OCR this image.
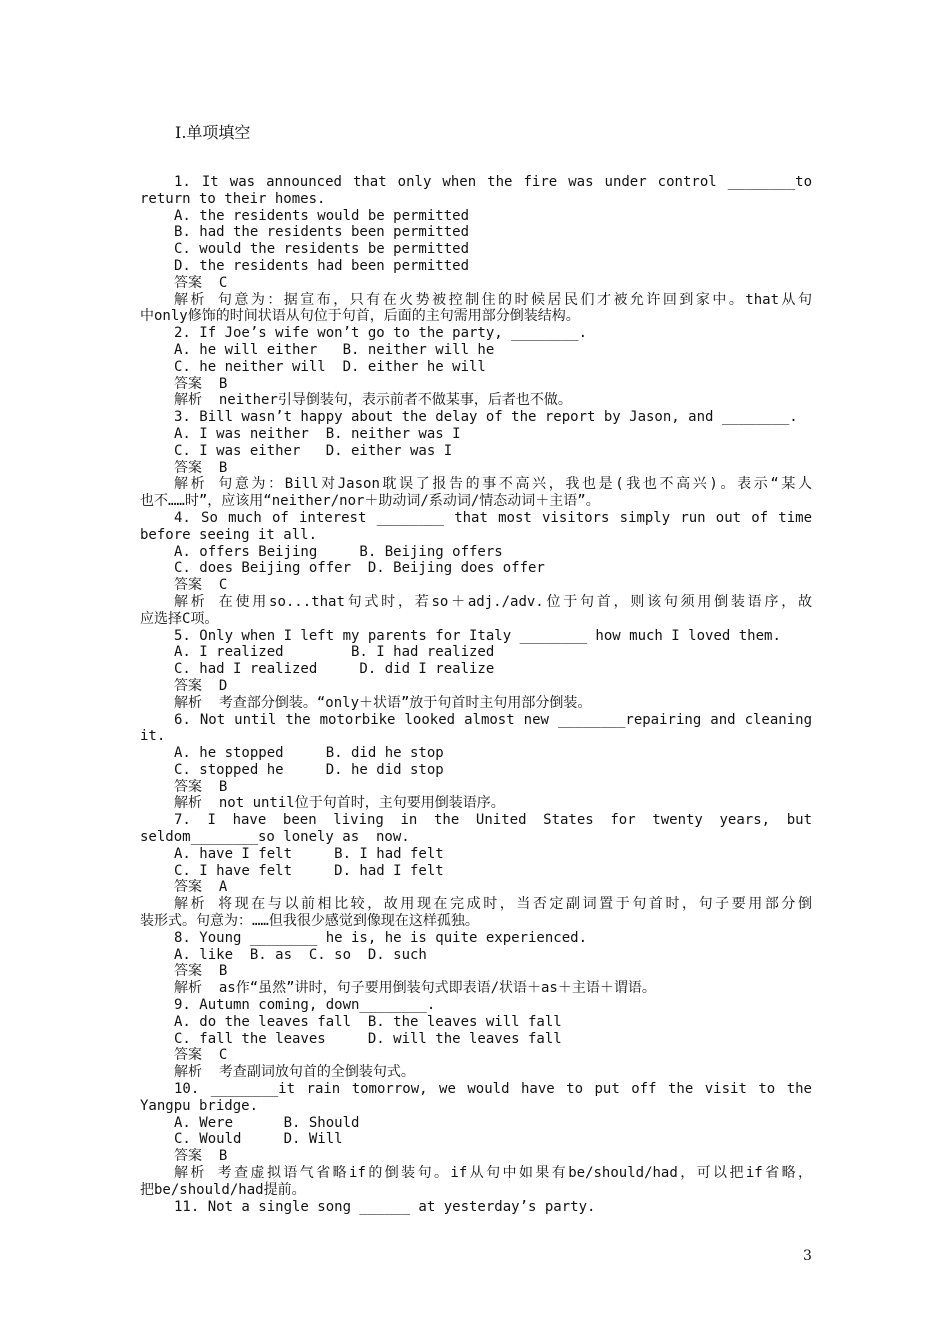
Ⅰ.单项填空
1. It was announced that only when the fire was under control ________to
return to their homes.
A. the residents would be permitted
B. had the residents been permitted
C. would the residents be permitted
D. the residents had been permitted
答案  C
解析 句意为：据宣布，只有在火势被控制住的时候居民们才被允许回到家中。that从句
中only修饰的时间状语从句位于句首，后面的主句需用部分倒装结构。
2. If Joe’s wife won’t go to the party, ________.
A. he will either   B. neither will he
C. he neither will  D. either he will
答案  B
解析  neither引导倒装句，表示前者不做某事，后者也不做。
3. Bill wasn’t happy about the delay of the report by Jason, and ________.
A. I was neither  B. neither was I
C. I was either   D. either was I
答案  B
解析 句意为：Bill对Jason耽误了报告的事不高兴，我也是(我也不高兴)。表示“某人
也不……时”，应该用“neither/nor＋助动词/系动词/情态动词＋主语”。
4. So much of interest ________ that most visitors simply run out of time
before seeing it all.
A. offers Beijing     B. Beijing offers
C. does Beijing offer  D. Beijing does offer
答案  C
解析 在使用so...that句式时，若so＋adj./adv.位于句首，则该句须用倒装语序，故
应选择C项。
5. Only when I left my parents for Italy ________ how much I loved them.
A. I realized        B. I had realized
C. had I realized     D. did I realize
答案  D
解析  考查部分倒装。“only＋状语”放于句首时主句用部分倒装。
6. Not until the motorbike looked almost new ________repairing and cleaning
it.
A. he stopped     B. did he stop
C. stopped he     D. he did stop
答案  B
解析  not until位于句首时，主句要用倒装语序。
7. I have been living in the United States for twenty years, but
seldom________so lonely as  now.
A. have I felt     B. I had felt
C. I have felt     D. had I felt
答案  A
解析 将现在与以前相比较，故用现在完成时，当否定副词置于句首时，句子要用部分倒
装形式。句意为：……但我很少感觉到像现在这样孤独。
8. Young ________ he is, he is quite experienced.
A. like  B. as  C. so  D. such
答案  B
解析  as作“虽然”讲时，句子要用倒装句式即表语/状语＋as＋主语＋谓语。
9. Autumn coming, down________.
A. do the leaves fall  B. the leaves will fall
C. fall the leaves     D. will the leaves fall
答案  C
解析  考查副词放句首的全倒装句式。
10. ________it rain tomorrow, we would have to put off the visit to the
Yangpu bridge.
A. Were      B. Should
C. Would     D. Will
答案  B
解析 考查虚拟语气省略if的倒装句。if从句中如果有be/should/had，可以把if省略，
把be/should/had提前。
11. Not a single song ______ at yesterday’s party.
3
